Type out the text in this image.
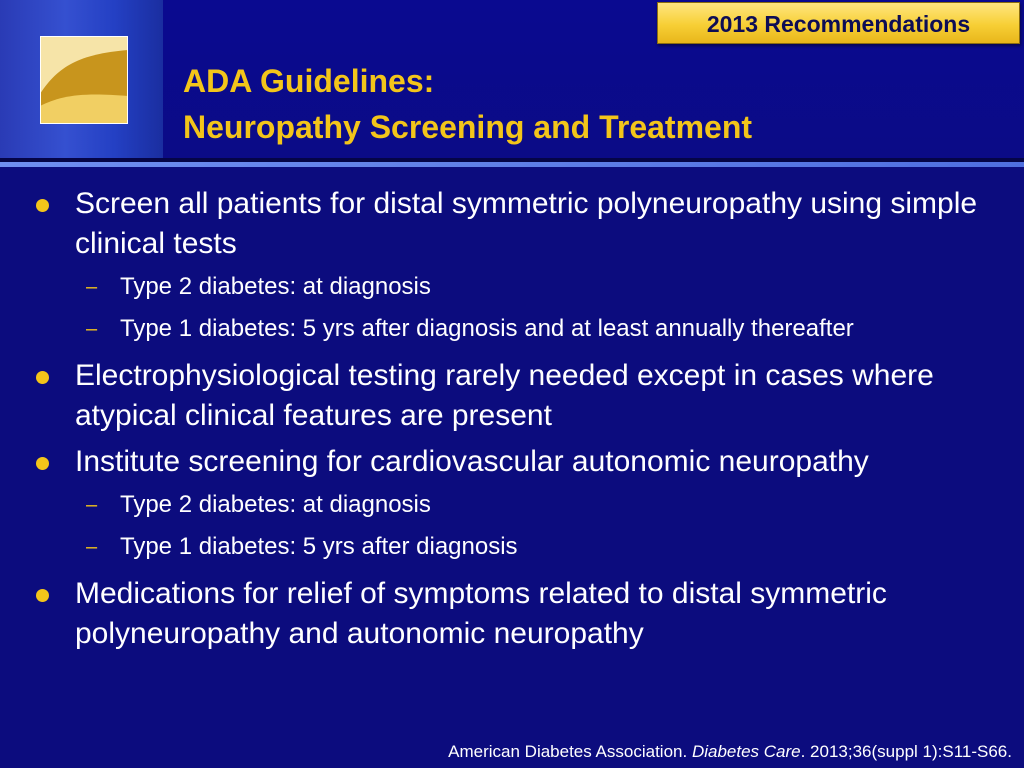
2013 Recommendations
ADA Guidelines:
Neuropathy Screening and Treatment
Screen all patients for distal symmetric polyneuropathy using simple clinical tests
– Type 2 diabetes: at diagnosis
– Type 1 diabetes: 5 yrs after diagnosis and at least annually thereafter
Electrophysiological testing rarely needed except in cases where atypical clinical features are present
Institute screening for cardiovascular autonomic neuropathy
– Type 2 diabetes: at diagnosis
– Type 1 diabetes: 5 yrs after diagnosis
Medications for relief of symptoms related to distal symmetric polyneuropathy and autonomic neuropathy
American Diabetes Association. Diabetes Care. 2013;36(suppl 1):S11-S66.
